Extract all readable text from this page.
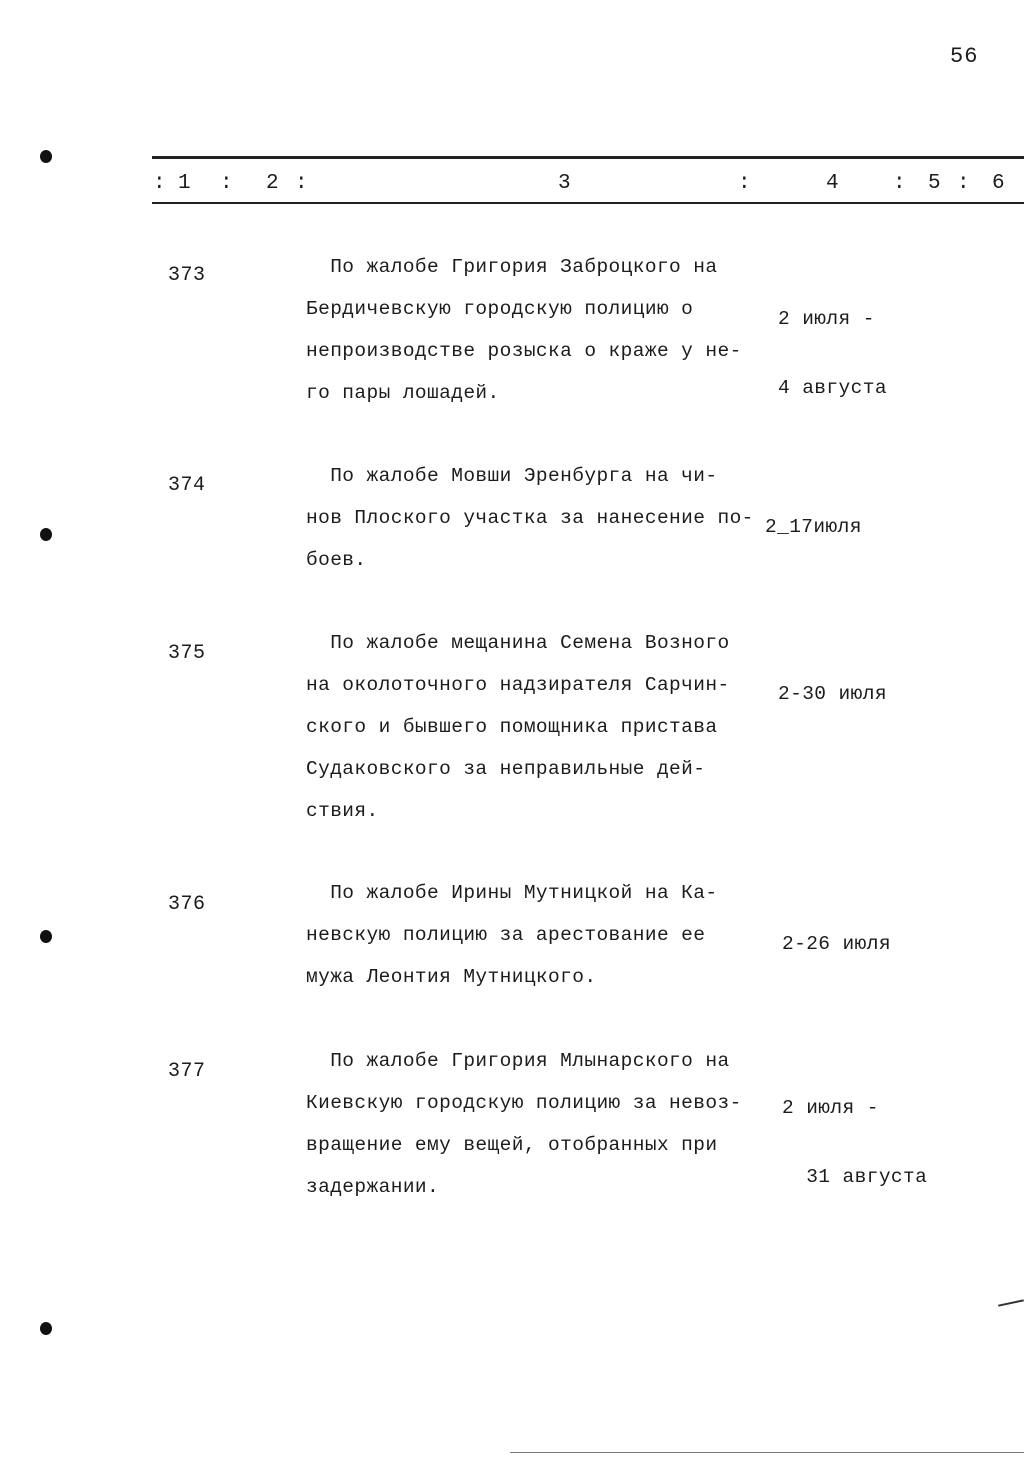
56
: 1 : 2 :	3	:	4	: 5 : 6
373	По жалобе Григория Заброцкого на
Бердичевскую городскую полицию о
непроизводстве розыска о краже у не-
го пары лошадей.

2 июля -

4 августа

374	По жалобе Мовши Эренбурга на чи-
нов Плоского участка за нанесение по-
боев.

2_17июля

375	По жалобе мещанина Семена Возного
на околоточного надзирателя Сарчин-
ского и бывшего помощника пристава
Судаковского за неправильные дей-
ствия.

2-30 июля

376	По жалобе Ирины Мутницкой на Ка-
невскую полицию за арестование ее
мужа Леонтия Мутницкого.

2-26 июля

377	По жалобе Григория Млынарского на
Киевскую городскую полицию за невоз-
вращение ему вещей, отобранных при
задержании.

2 июля -

31 августа
